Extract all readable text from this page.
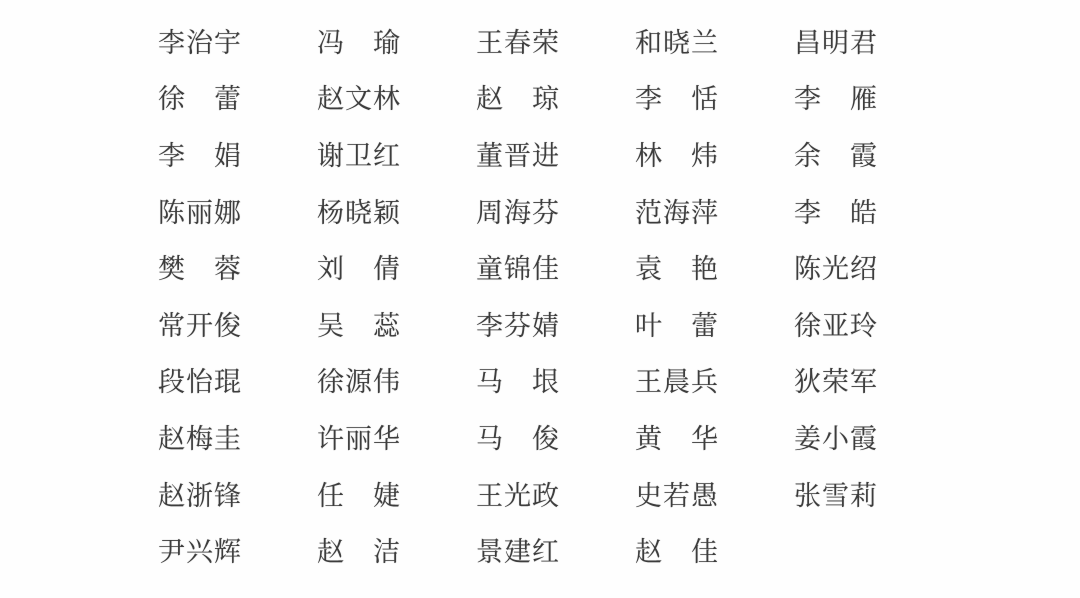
李治宇	冯　瑜	王春荣	和晓兰	昌明君
徐　蕾	赵文林	赵　琼	李　恬	李　雁
李　娟	谢卫红	董晋进	林　炜	余　霞
陈丽娜	杨晓颖	周海芬	范海萍	李　皓
樊　蓉	刘　倩	童锦佳	袁　艳	陈光绍
常开俊	吴　蕊	李芬婧	叶　蕾	徐亚玲
段怡琨	徐源伟	马　垠	王晨兵	狄荣军
赵梅圭	许丽华	马　俊	黄　华	姜小霞
赵浙锋	任　婕	王光政	史若愚	张雪莉
尹兴辉	赵　洁	景建红	赵　佳
